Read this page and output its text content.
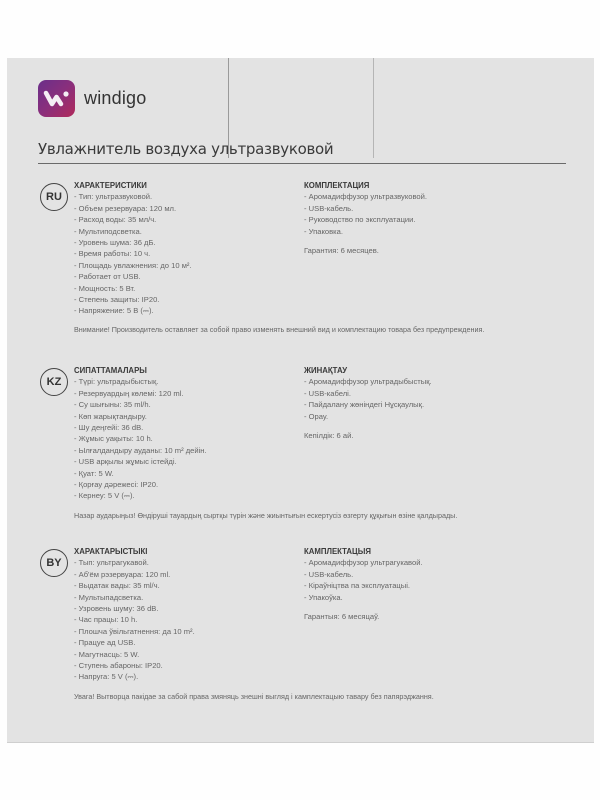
windigo
Увлажнитель воздуха ультразвуковой
RU
ХАРАКТЕРИСТИКИ
- Тип: ультразвуковой.
- Объем резервуара: 120 мл.
- Расход воды: 35 мл/ч.
- Мультиподсветка.
- Уровень шума: 36 дБ.
- Время работы: 10 ч.
- Площадь увлажнения: до 10 м².
- Работает от USB.
- Мощность: 5 Вт.
- Степень защиты: IP20.
- Напряжение: 5 В (⎓).
КОМПЛЕКТАЦИЯ
- Аромадиффузор ультразвуковой.
- USB-кабель.
- Руководство по эксплуатации.
- Упаковка.
Гарантия: 6 месяцев.
Внимание! Производитель оставляет за собой право изменять внешний вид и комплектацию товара без предупреждения.
KZ
СИПАТТАМАЛАРЫ
- Түрі: ультрадыбыстық.
- Резервуардың көлемі: 120 ml.
- Су шығыны: 35 ml/h.
- Көп жарықтандыру.
- Шу деңгейі: 36 dB.
- Жұмыс уақыты: 10 h.
- Ылғалдандыру ауданы: 10 m² дейін.
- USB арқылы жұмыс істейді.
- Қуат: 5 W.
- Қорғау дәрежесі: IP20.
- Кернеу: 5 V (⎓).
ЖИНАҚТАУ
- Аромадиффузор ультрадыбыстық.
- USB-кабелі.
- Пайдалану жөніндегі Нұсқаулық.
- Орау.
Кепілдік: 6 ай.
Назар аударыңыз! Өндіруші тауардың сыртқы түрін және жиынтығын ескертусіз өзгерту құқығын өзіне қалдырады.
BY
ХАРАКТАРЫСТЫКІ
- Тып: ультрагукавой.
- Аб'ём рэзервуара: 120 ml.
- Выдатак вады: 35 ml/ч.
- Мультыпадсветка.
- Узровень шуму: 36 dB.
- Час працы: 10 h.
- Плошча ўвільгатнення: да 10 m².
- Працуе ад USB.
- Магутнасць: 5 W.
- Ступень абароны: IP20.
- Напруга: 5 V (⎓).
КАМПЛЕКТАЦЫЯ
- Аромадиффузор ультрагукавой.
- USB-кабель.
- Кіраўніцтва па эксплуатацыі.
- Упакоўка.
Гарантыя: 6 месяцаў.
Увага! Вытворца пакідае за сабой права змяняць знешні выгляд і камплектацыю тавару без папярэджання.
